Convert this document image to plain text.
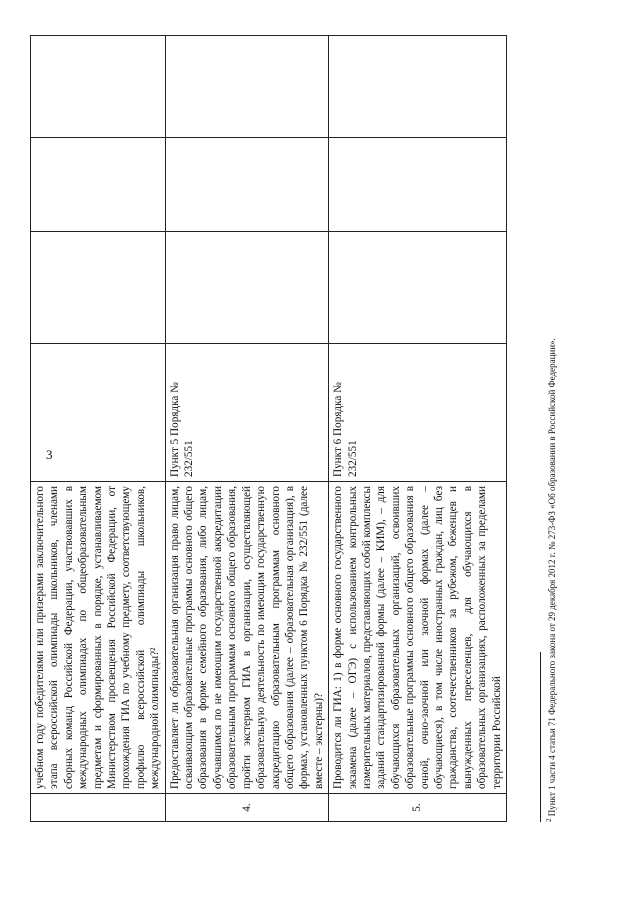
3
	учебном году победителями или призерами заключительного этапа всероссийской олимпиады школьников, членами сборных команд Российской Федерации, участвовавших в международных олимпиадах по общеобразовательным предметам и сформированных в порядке, устанавливаемом Министерством просвещения Российской Федерации, от прохождения ГИА по учебному предмету, соответствующему профилю всероссийской олимпиады школьников, международной олимпиады?²				
4.	Предоставляет ли образовательная организация право лицам, осваивающим образовательные программы основного общего образования в форме семейного образования, либо лицам, обучавшимся по не имеющим государственной аккредитации образовательным программам основного общего образования, пройти экстерном ГИА в организации, осуществляющей образовательную деятельность по имеющим государственную аккредитацию образовательным программам основного общего образования (далее – образовательная организация), в формах, установленных пунктом 6 Порядка № 232/551 (далее вместе – экстерны)?	Пункт 5 Порядка № 232/551			
5.	Проводится ли ГИА: 1) в форме основного государственного экзамена (далее – ОГЭ) с использованием контрольных измерительных материалов, представляющих собой комплексы заданий стандартизированной формы (далее – КИМ), – для обучающихся образовательных организаций, освоивших образовательные программы основного общего образования в очной, очно-заочной или заочной формах (далее – обучающиеся), в том числе иностранных граждан, лиц без гражданства, соотечественников за рубежом, беженцев и вынужденных переселенцев, для обучающихся в образовательных организациях, расположенных за пределами территории Российской	Пункт 6 Порядка № 232/551			
$^2$ Пункт 1 части 4 статьи 71 Федерального закона от 29 декабря 2012 г. № 273-ФЗ «Об образовании в Российской Федерации».
